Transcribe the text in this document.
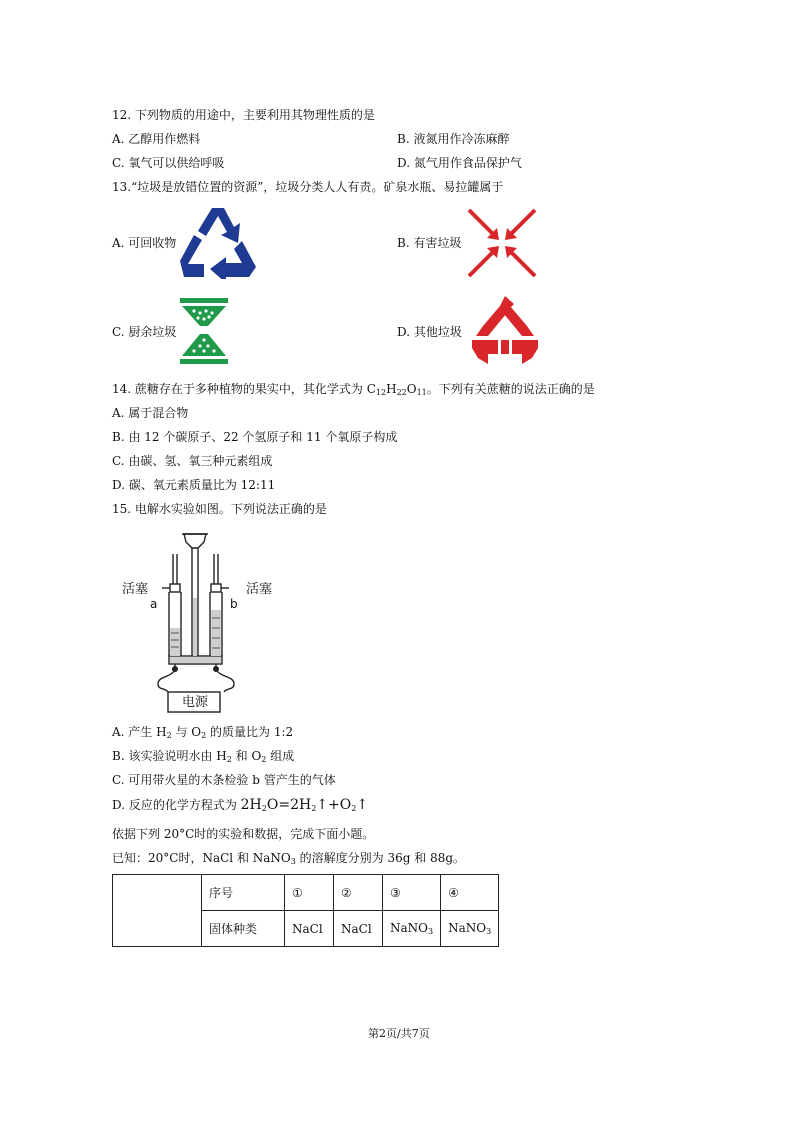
12. 下列物质的用途中，主要利用其物理性质的是
A. 乙醇用作燃料	B. 液氮用作冷冻麻醉
C. 氧气可以供给呼吸	D. 氮气用作食品保护气
13.“垃圾是放错位置的资源”，垃圾分类人人有责。矿泉水瓶、易拉罐属于
A. 可回收物	B. 有害垃圾
C. 厨余垃圾	D. 其他垃圾
14. 蔗糖存在于多种植物的果实中，其化学式为 $C_{12}H_{22}O_{11}$。下列有关蔗糖的说法正确的是
A. 属于混合物
B. 由 12 个碳原子、22 个氢原子和 11 个氧原子构成
C. 由碳、氢、氧三种元素组成
D. 碳、氧元素质量比为 12:11
15. 电解水实验如图。下列说法正确的是
活塞	活塞
a	b
电源
A. 产生 $H_2$ 与 $O_2$ 的质量比为 1:2
B. 该实验说明水由 $H_2$ 和 $O_2$ 组成
C. 可用带火星的木条检验 b 管产生的气体
D. 反应的化学方程式为 $2H_2O=2H_2↑+O_2↑$
依据下列 20°C时的实验和数据，完成下面小题。
已知：20°C时，NaCl 和 NaNO$_3$ 的溶解度分别为 36g 和 88g。
	序号	①	②	③	④
	固体种类	NaCl	NaCl	NaNO$_3$	NaNO$_3$
第2页/共7页
